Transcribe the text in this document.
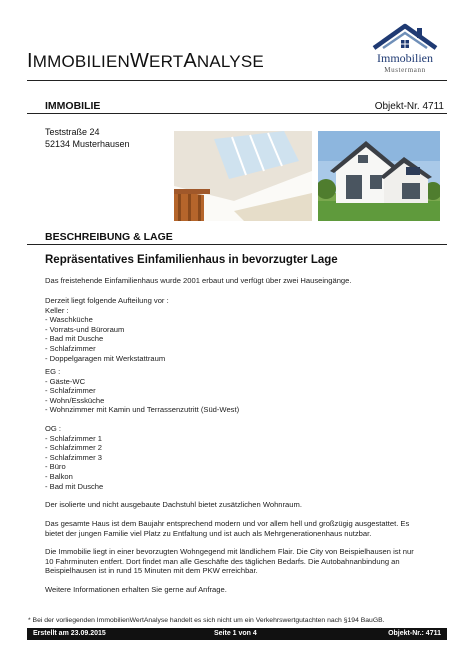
IMMOBILIENWERTANALYSE	Immobilien
Mustermann
IMMOBILIE	Objekt-Nr. 4711
Teststraße 24
52134 Musterhausen
BESCHREIBUNG & LAGE
Repräsentatives Einfamilienhaus in bevorzugter Lage
Das freistehende Einfamilienhaus wurde 2001 erbaut und verfügt über zwei Hauseingänge.
Derzeit liegt folgende Aufteilung vor :
Keller :
- Waschküche
- Vorrats-und Büroraum
- Bad mit Dusche
- Schlafzimmer
- Doppelgaragen mit Werkstattraum
EG :
- Gäste-WC
- Schlafzimmer
- Wohn/Essküche
- Wohnzimmer mit Kamin und Terrassenzutritt (Süd-West)
OG :
- Schlafzimmer 1
- Schlafzimmer 2
- Schlafzimmer 3
- Büro
- Balkon
- Bad mit Dusche
Der isolierte und nicht ausgebaute Dachstuhl bietet zusätzlichen Wohnraum.
Das gesamte Haus ist dem Baujahr entsprechend modern und vor allem hell und großzügig ausgestattet. Es
bietet der jungen Familie viel Platz zu Entfaltung und ist auch als Mehrgenerationenhaus nutzbar.
Die Immobilie liegt in einer bevorzugten Wohngegend mit ländlichem Flair. Die City von Beispielhausen ist nur
10 Fahrminuten entfert. Dort findet man alle Geschäfte des täglichen Bedarfs. Die Autobahnanbindung an
Beispielhausen ist in rund 15 Minuten mit dem PKW erreichbar.
Weitere Informationen erhalten Sie gerne auf Anfrage.
* Bei der vorliegenden ImmobilienWertAnalyse handelt es sich nicht um ein Verkehrswertgutachten nach §194 BauGB.
Erstellt am 23.09.2015	Seite 1 von 4	Objekt-Nr.: 4711
